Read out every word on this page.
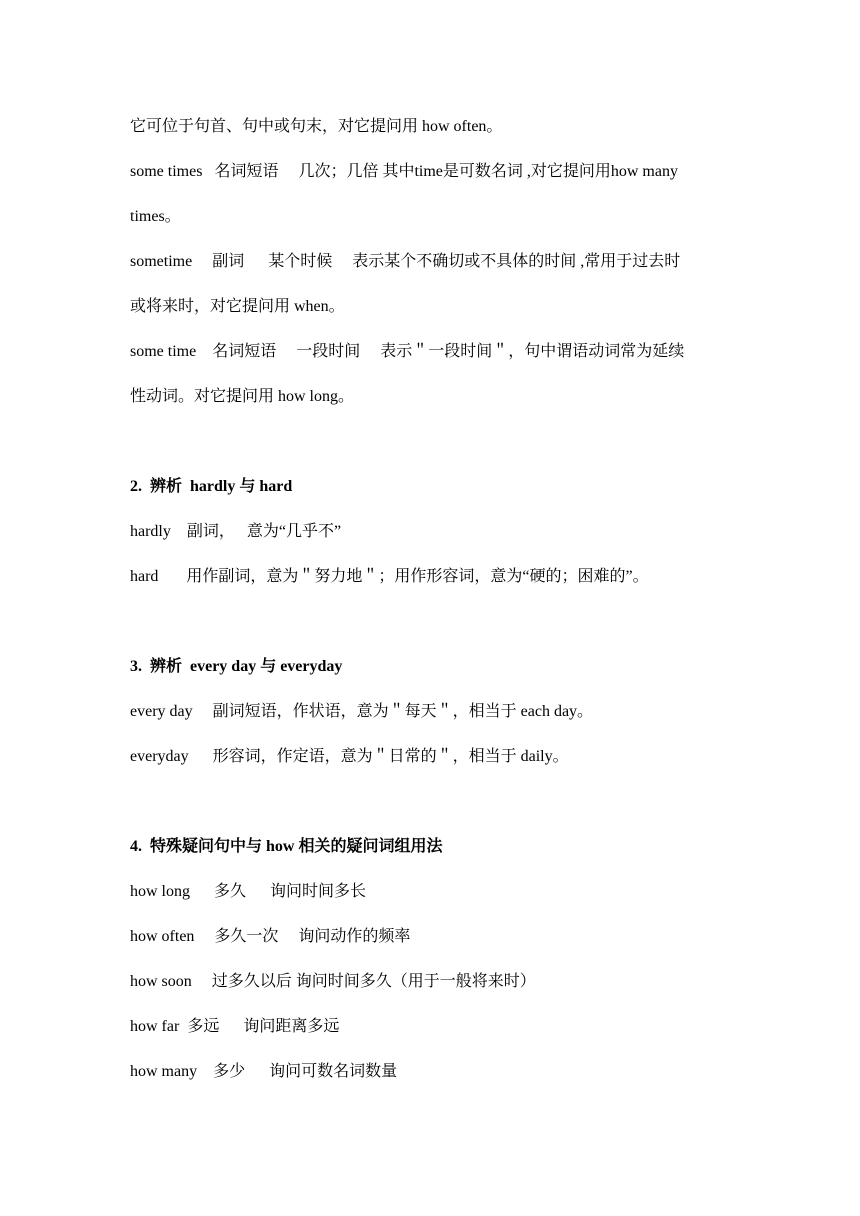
它可位于句首、句中或句末，对它提问用 how often。
some times   名词短语     几次；几倍 其中time是可数名词 ,对它提问用how many
times。
sometime     副词      某个时候     表示某个不确切或不具体的时间 ,常用于过去时
或将来时，对它提问用 when。
some time    名词短语     一段时间     表示＂一段时间＂，句中谓语动词常为延续
性动词。对它提问用 how long。
2.  辨析  hardly 与 hard
hardly    副词，   意为“几乎不”
hard       用作副词，意为＂努力地＂；用作形容词，意为“硬的；困难的”。
3.  辨析  every day 与 everyday
every day     副词短语，作状语，意为＂每天＂，相当于 each day。
everyday      形容词，作定语，意为＂日常的＂，相当于 daily。
4.  特殊疑问句中与 how 相关的疑问词组用法
how long      多久      询问时间多长
how often     多久一次     询问动作的频率
how soon     过多久以后 询问时间多久（用于一般将来时）
how far  多远      询问距离多远
how many    多少      询问可数名词数量
